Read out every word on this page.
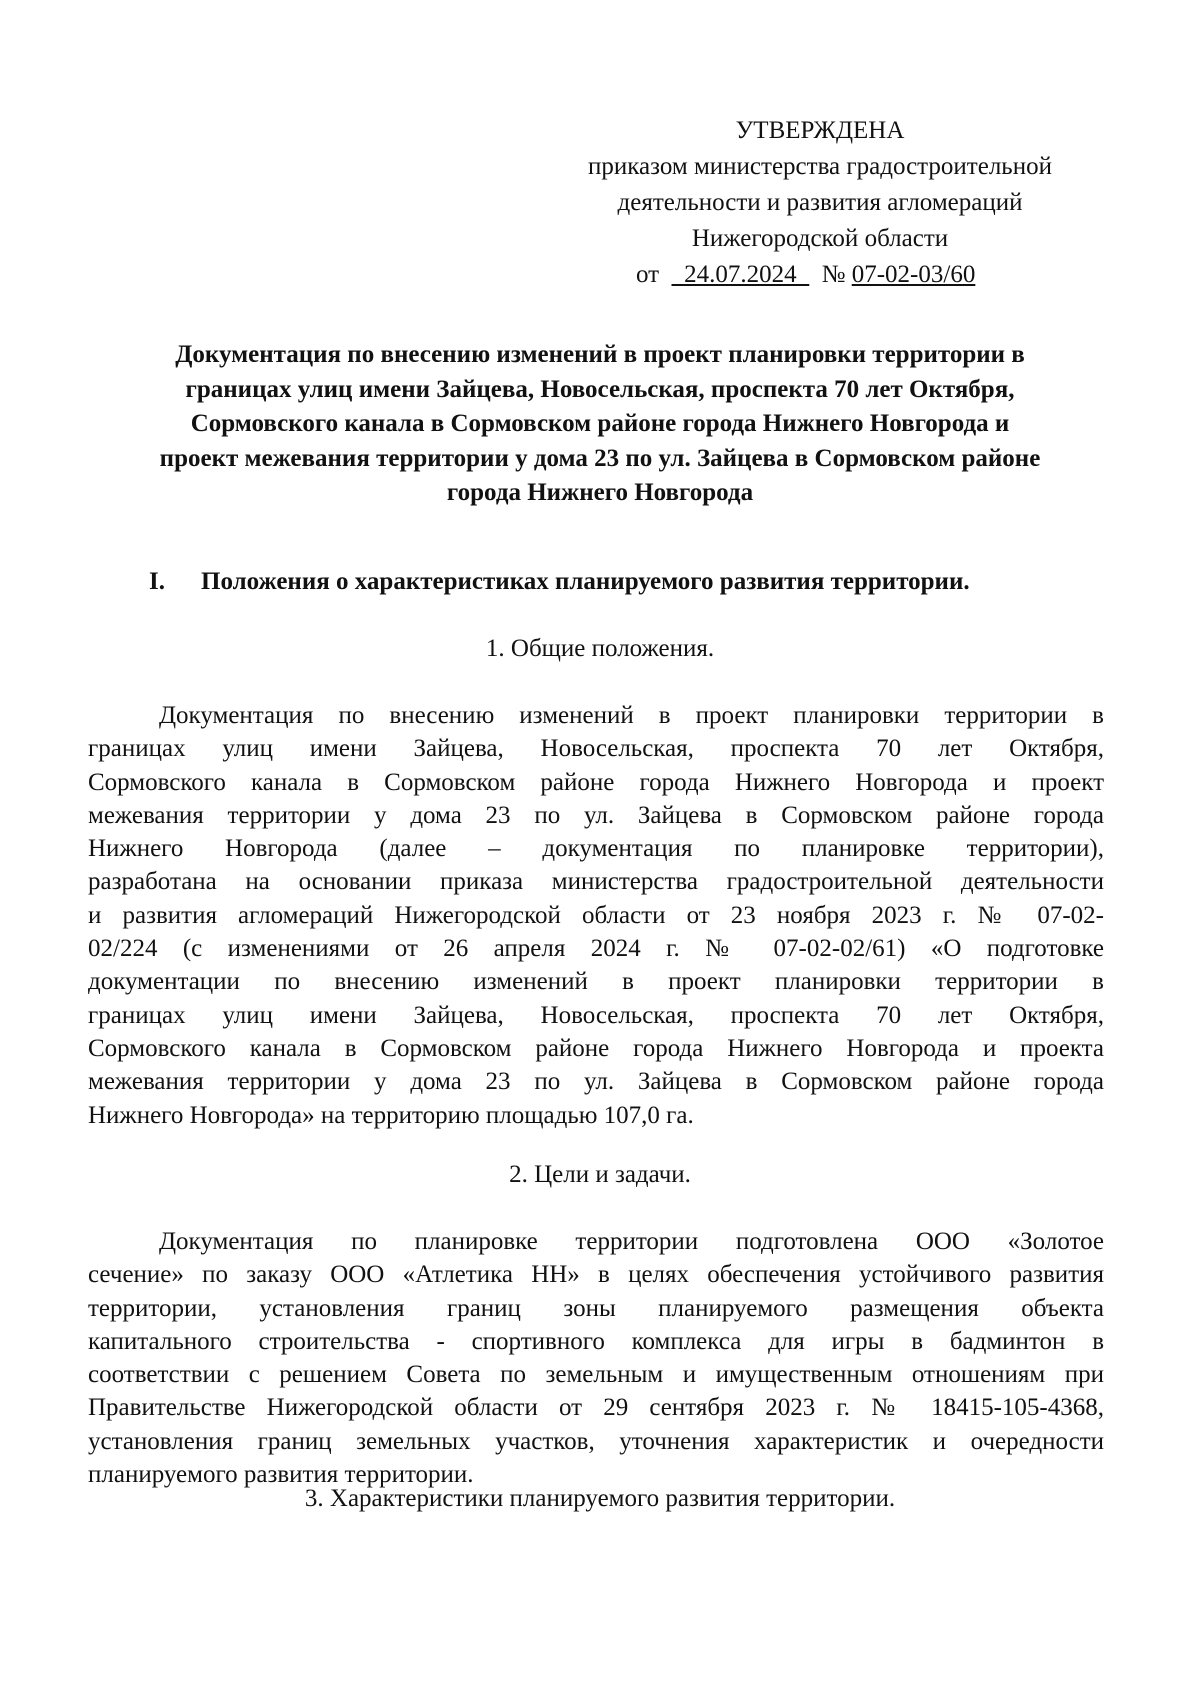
УТВЕРЖДЕНА
приказом министерства градостроительной
деятельности и развития агломераций
Нижегородской области
от _24.07.2024_ № 07-02-03/60
Документация по внесению изменений в проект планировки территории в
границах улиц имени Зайцева, Новосельская, проспекта 70 лет Октября,
Сормовского канала в Сормовском районе города Нижнего Новгорода и
проект межевания территории у дома 23 по ул. Зайцева в Сормовском районе
города Нижнего Новгорода
I. Положения о характеристиках планируемого развития территории.
1. Общие положения.
Документация по внесению изменений в проект планировки территории в
границах улиц имени Зайцева, Новосельская, проспекта 70 лет Октября,
Сормовского канала в Сормовском районе города Нижнего Новгорода и проект
межевания территории у дома 23 по ул. Зайцева в Сормовском районе города
Нижнего Новгорода (далее – документация по планировке территории),
разработана на основании приказа министерства градостроительной деятельности
и развития агломераций Нижегородской области от 23 ноября 2023 г. № 07-02-
02/224 (с изменениями от 26 апреля 2024 г. № 07-02-02/61) «О подготовке
документации по внесению изменений в проект планировки территории в
границах улиц имени Зайцева, Новосельская, проспекта 70 лет Октября,
Сормовского канала в Сормовском районе города Нижнего Новгорода и проекта
межевания территории у дома 23 по ул. Зайцева в Сормовском районе города
Нижнего Новгорода» на территорию площадью 107,0 га.
2. Цели и задачи.
Документация по планировке территории подготовлена ООО «Золотое
сечение» по заказу ООО «Атлетика НН» в целях обеспечения устойчивого развития
территории, установления границ зоны планируемого размещения объекта
капитального строительства - спортивного комплекса для игры в бадминтон в
соответствии с решением Совета по земельным и имущественным отношениям при
Правительстве Нижегородской области от 29 сентября 2023 г. № 18415-105-4368,
установления границ земельных участков, уточнения характеристик и очередности
планируемого развития территории.
3. Характеристики планируемого развития территории.
